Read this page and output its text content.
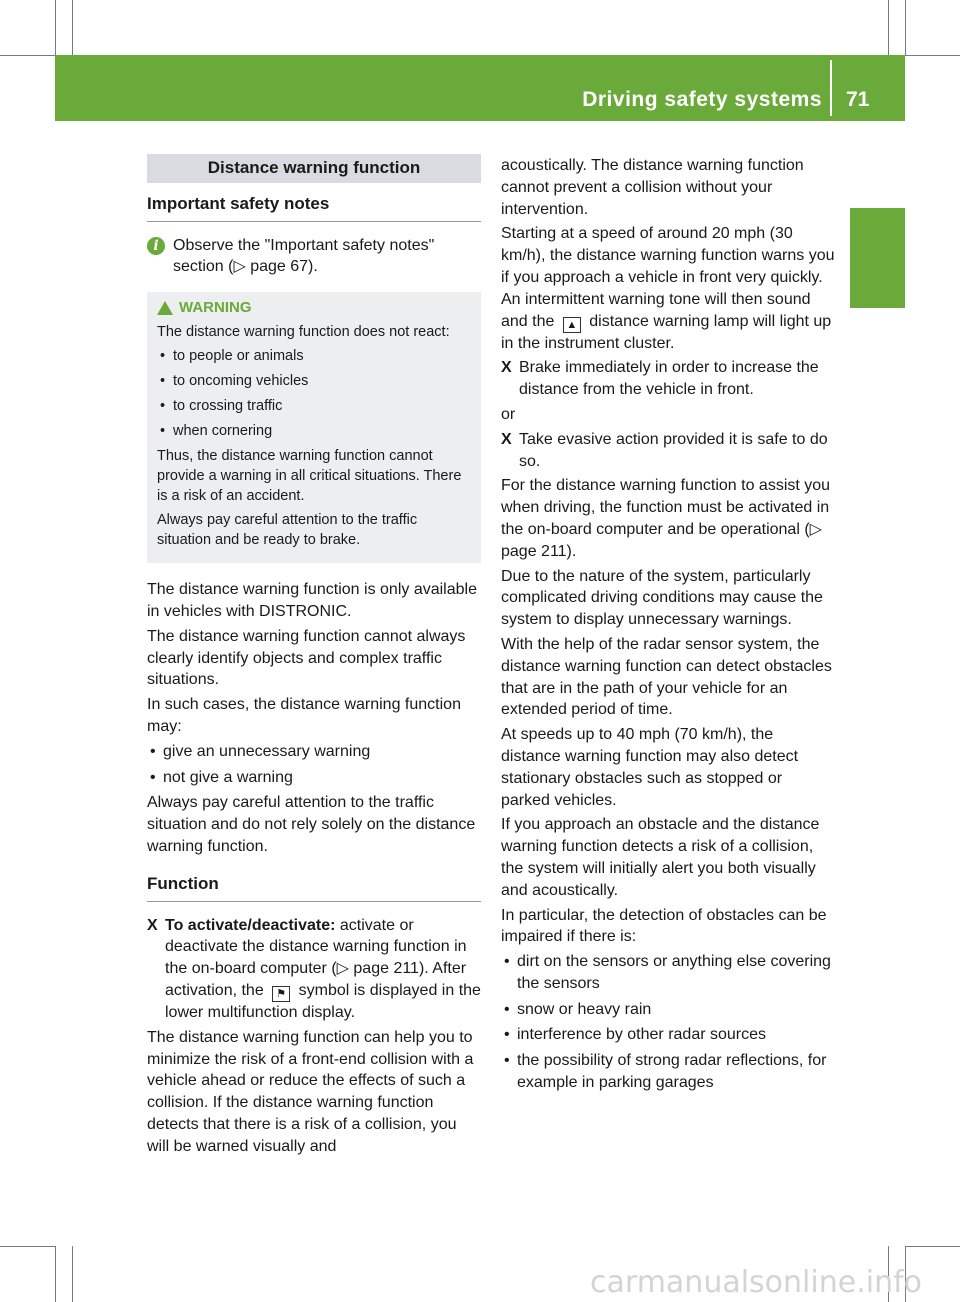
Driving safety systems 71
Safety
Distance warning function
Important safety notes
i Observe the "Important safety notes" section (▷ page 67).
WARNING

The distance warning function does not react:

• to people or animals
• to oncoming vehicles
• to crossing traffic
• when cornering

Thus, the distance warning function cannot provide a warning in all critical situations. There is a risk of an accident.

Always pay careful attention to the traffic situation and be ready to brake.

The distance warning function is only available in vehicles with DISTRONIC.

The distance warning function cannot always clearly identify objects and complex traffic situations.

In such cases, the distance warning function may:

• give an unnecessary warning
• not give a warning

Always pay careful attention to the traffic situation and do not rely solely on the distance warning function.

Function
X To activate/deactivate: activate or deactivate the distance warning function in the on-board computer (▷ page 211). After activation, the ⚑ symbol is displayed in the lower multifunction display.

The distance warning function can help you to minimize the risk of a front-end collision with a vehicle ahead or reduce the effects of such a collision. If the distance warning function detects that there is a risk of a collision, you will be warned visually and

acoustically. The distance warning function cannot prevent a collision without your intervention.

Starting at a speed of around 20 mph (30 km/h), the distance warning function warns you if you approach a vehicle in front very quickly. An intermittent warning tone will then sound and the ▲ distance warning lamp will light up in the instrument cluster.

X Brake immediately in order to increase the distance from the vehicle in front.

or

X Take evasive action provided it is safe to do so.

For the distance warning function to assist you when driving, the function must be activated in the on-board computer and be operational (▷ page 211).

Due to the nature of the system, particularly complicated driving conditions may cause the system to display unnecessary warnings.

With the help of the radar sensor system, the distance warning function can detect obstacles that are in the path of your vehicle for an extended period of time.

At speeds up to 40 mph (70 km/h), the distance warning function may also detect stationary obstacles such as stopped or parked vehicles.

If you approach an obstacle and the distance warning function detects a risk of a collision, the system will initially alert you both visually and acoustically.

In particular, the detection of obstacles can be impaired if there is:

• dirt on the sensors or anything else covering the sensors
• snow or heavy rain
• interference by other radar sources
• the possibility of strong radar reflections, for example in parking garages
carmanualsonline.info
